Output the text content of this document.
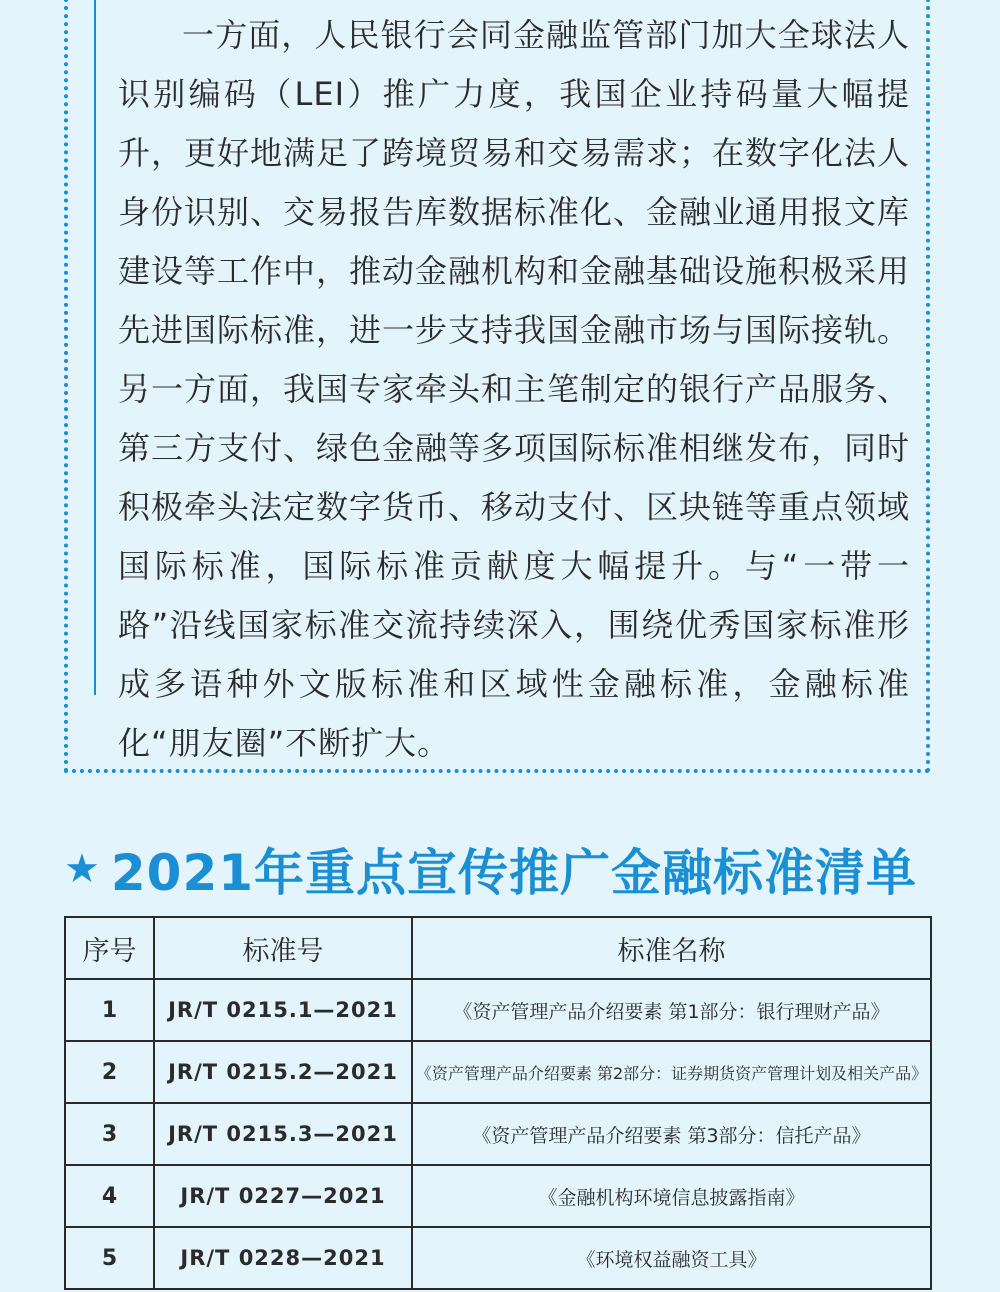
一方面，人民银行会同金融监管部门加大全球法人识别编码（LEI）推广力度，我国企业持码量大幅提升，更好地满足了跨境贸易和交易需求；在数字化法人身份识别、交易报告库数据标准化、金融业通用报文库建设等工作中，推动金融机构和金融基础设施积极采用先进国际标准，进一步支持我国金融市场与国际接轨。另一方面，我国专家牵头和主笔制定的银行产品服务、第三方支付、绿色金融等多项国际标准相继发布，同时积极牵头法定数字货币、移动支付、区块链等重点领域国际标准，国际标准贡献度大幅提升。与“一带一路”沿线国家标准交流持续深入，围绕优秀国家标准形成多语种外文版标准和区域性金融标准，金融标准化“朋友圈”不断扩大。

★ 2021年重点宣传推广金融标准清单
序号	标准号	标准名称
1	JR/T 0215.1—2021	《资产管理产品介绍要素 第1部分：银行理财产品》
2	JR/T 0215.2—2021	《资产管理产品介绍要素 第2部分：证券期货资产管理计划及相关产品》
3	JR/T 0215.3—2021	《资产管理产品介绍要素 第3部分：信托产品》
4	JR/T 0227—2021	《金融机构环境信息披露指南》
5	JR/T 0228—2021	《环境权益融资工具》
